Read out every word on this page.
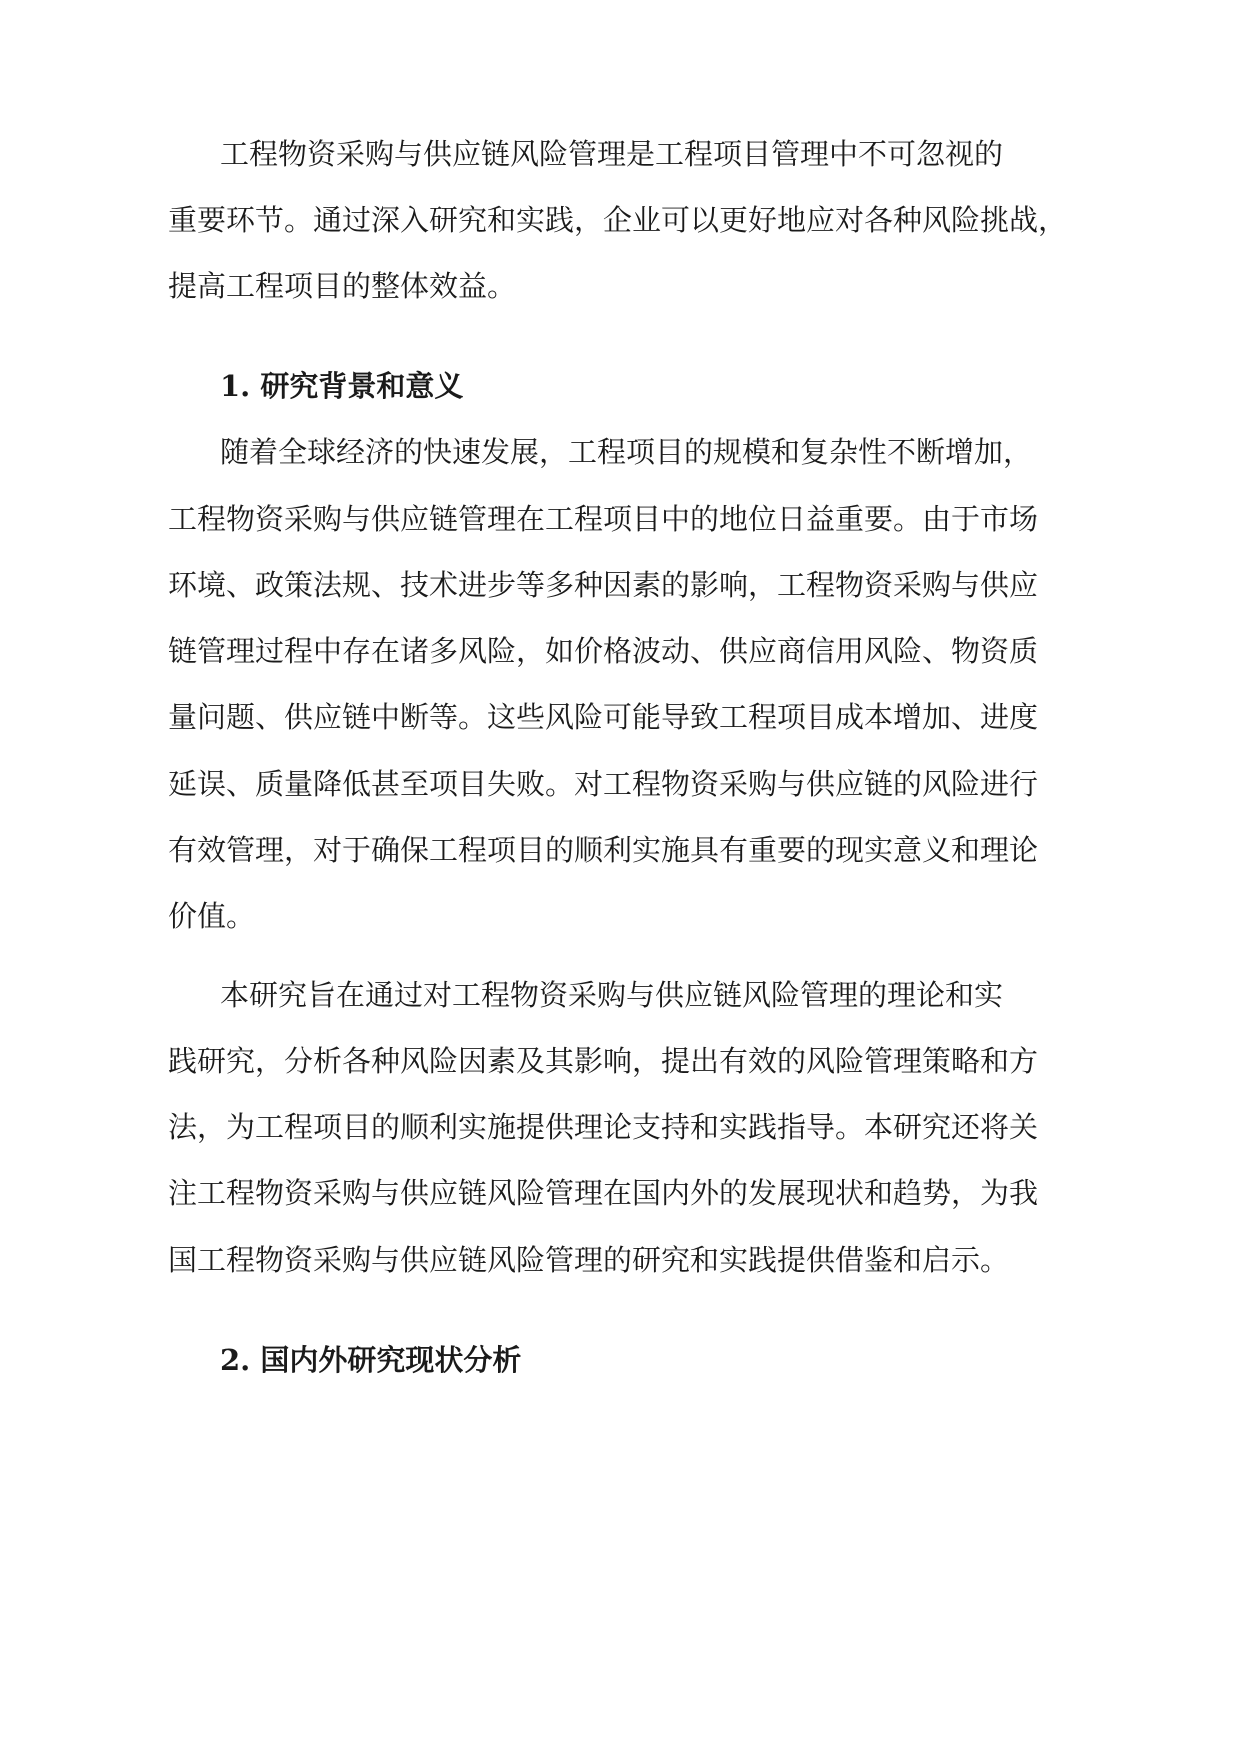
工程物资采购与供应链风险管理是工程项目管理中不可忽视的
重要环节。通过深入研究和实践，企业可以更好地应对各种风险挑战，
提高工程项目的整体效益。
1. 研究背景和意义
随着全球经济的快速发展，工程项目的规模和复杂性不断增加，
工程物资采购与供应链管理在工程项目中的地位日益重要。由于市场
环境、政策法规、技术进步等多种因素的影响，工程物资采购与供应
链管理过程中存在诸多风险，如价格波动、供应商信用风险、物资质
量问题、供应链中断等。这些风险可能导致工程项目成本增加、进度
延误、质量降低甚至项目失败。对工程物资采购与供应链的风险进行
有效管理，对于确保工程项目的顺利实施具有重要的现实意义和理论
价值。
本研究旨在通过对工程物资采购与供应链风险管理的理论和实
践研究，分析各种风险因素及其影响，提出有效的风险管理策略和方
法，为工程项目的顺利实施提供理论支持和实践指导。本研究还将关
注工程物资采购与供应链风险管理在国内外的发展现状和趋势，为我
国工程物资采购与供应链风险管理的研究和实践提供借鉴和启示。
2. 国内外研究现状分析
